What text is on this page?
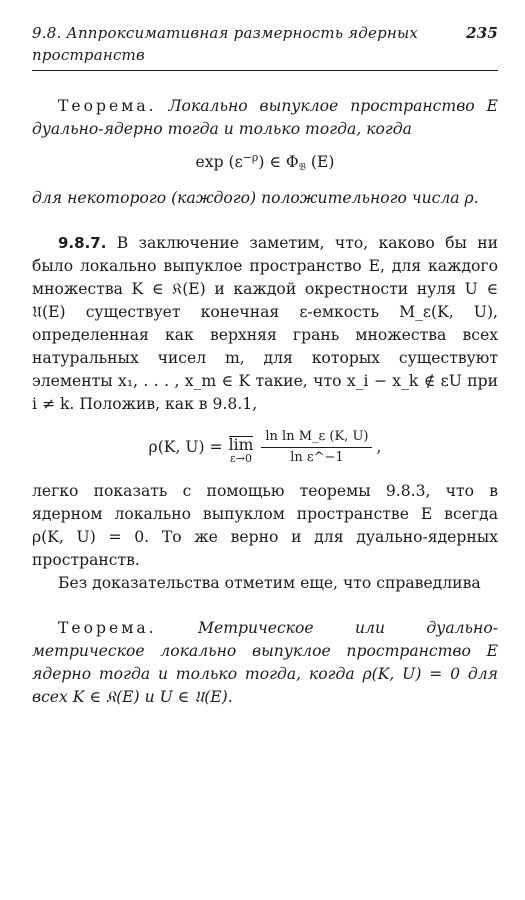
9.8. Аппроксимативная размерность ядерных пространств
235

Теорема. Локально выпуклое пространство E дуально-ядерно тогда и только тогда, когда

$\exp (\varepsilon^{-\rho})$ ∈ $\Phi_𝔅$ (E)

для некоторого (каждого) положительного числа ρ.

9.8.7. В заключение заметим, что, каково бы ни было локально выпуклое пространство E, для каждого множества K ∈ 𝔎(E) и каждой окрестности нуля U ∈ 𝔘(E) существует конечная ε-емкость M_ε(K, U), определенная как верхняя грань множества всех натуральных чисел m, для которых существуют элементы x₁, . . . , x_m ∈ K такие, что x_i − x_k ∉ εU при i ≠ k. Положив, как в 9.8.1,

ρ(K, U) = lim
$\varepsilon\to 0 \frac{\text{ln ln M\_ε (K, U)}}{\text{ln ε\textasciicircum{}−1}}$ ,

легко показать с помощью теоремы 9.8.3, что в ядерном локально выпуклом пространстве E всегда ρ(K, U) = 0. То же верно и для дуально-ядерных пространств.

Без доказательства отметим еще, что справедлива

Теорема.	Метрическое или дуально-метрическое локально выпуклое пространство E ядерно тогда и только тогда, когда ρ(K, U) = 0 для всех K ∈ 𝔎(E) и U ∈ 𝔘(E).
